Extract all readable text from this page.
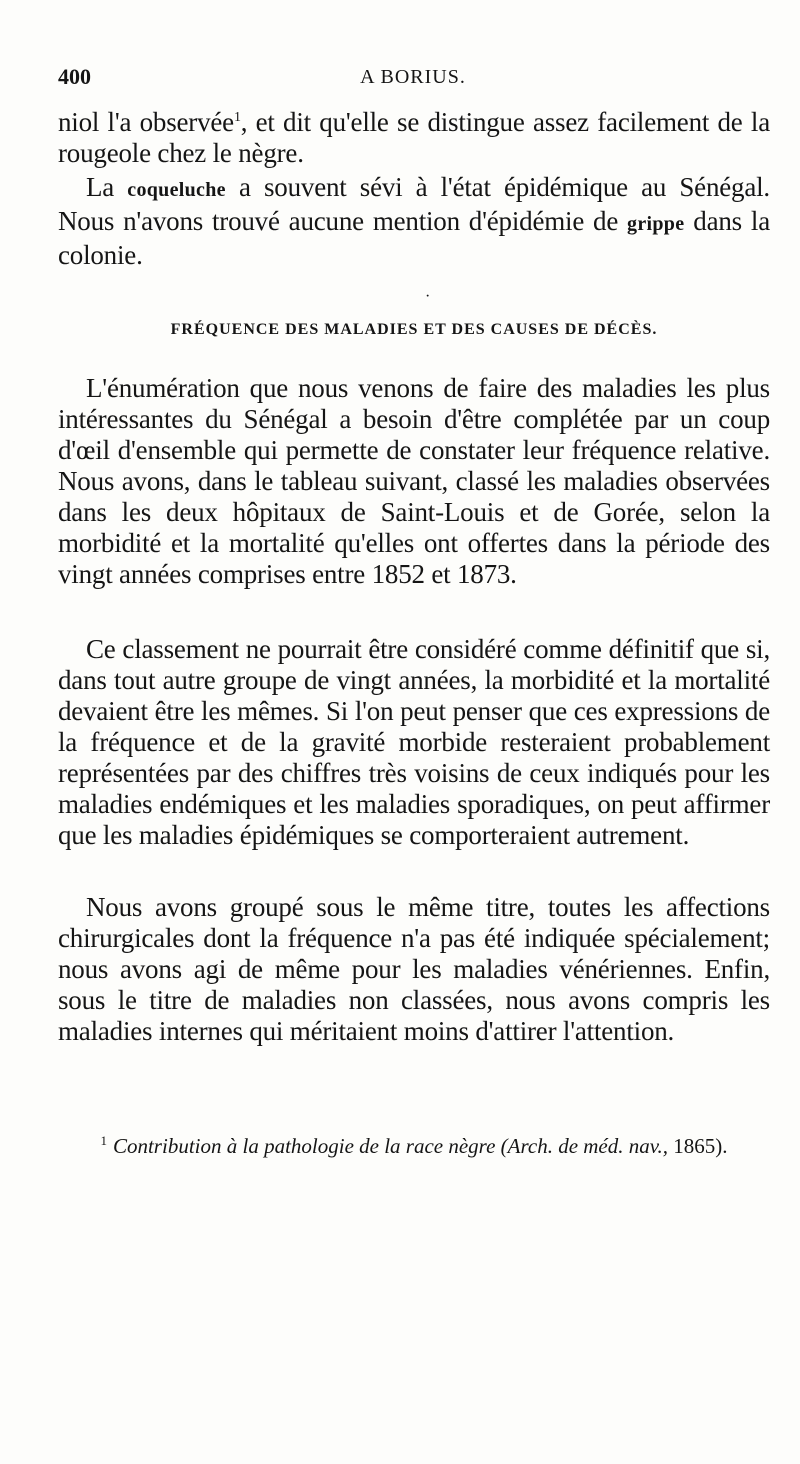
400	A BORIUS.

niol l'a observée$^1$, et dit qu'elle se distingue assez facilement de la rougeole chez le nègre.

La coqueluche a souvent sévi à l'état épidémique au Sénégal. Nous n'avons trouvé aucune mention d'épidémie de grippe dans la colonie.

·
FRÉQUENCE DES MALADIES ET DES CAUSES DE DÉCÈS.

L'énumération que nous venons de faire des maladies les plus intéressantes du Sénégal a besoin d'être complétée par un coup d'œil d'ensemble qui permette de constater leur fréquence relative. Nous avons, dans le tableau suivant, classé les maladies observées dans les deux hôpitaux de Saint-Louis et de Gorée, selon la morbidité et la mortalité qu'elles ont offertes dans la période des vingt années comprises entre 1852 et 1873.

Ce classement ne pourrait être considéré comme définitif que si, dans tout autre groupe de vingt années, la morbidité et la mortalité devaient être les mêmes. Si l'on peut penser que ces expressions de la fréquence et de la gravité morbide resteraient probablement représentées par des chiffres très voisins de ceux indiqués pour les maladies endémiques et les maladies sporadiques, on peut affirmer que les maladies épidémiques se comporteraient autrement.

Nous avons groupé sous le même titre, toutes les affections chirurgicales dont la fréquence n'a pas été indiquée spécialement; nous avons agi de même pour les maladies vénériennes. Enfin, sous le titre de maladies non classées, nous avons compris les maladies internes qui méritaient moins d'attirer l'attention.

$^1$ Contribution à la pathologie de la race nègre (Arch. de méd. nav., 1865).
